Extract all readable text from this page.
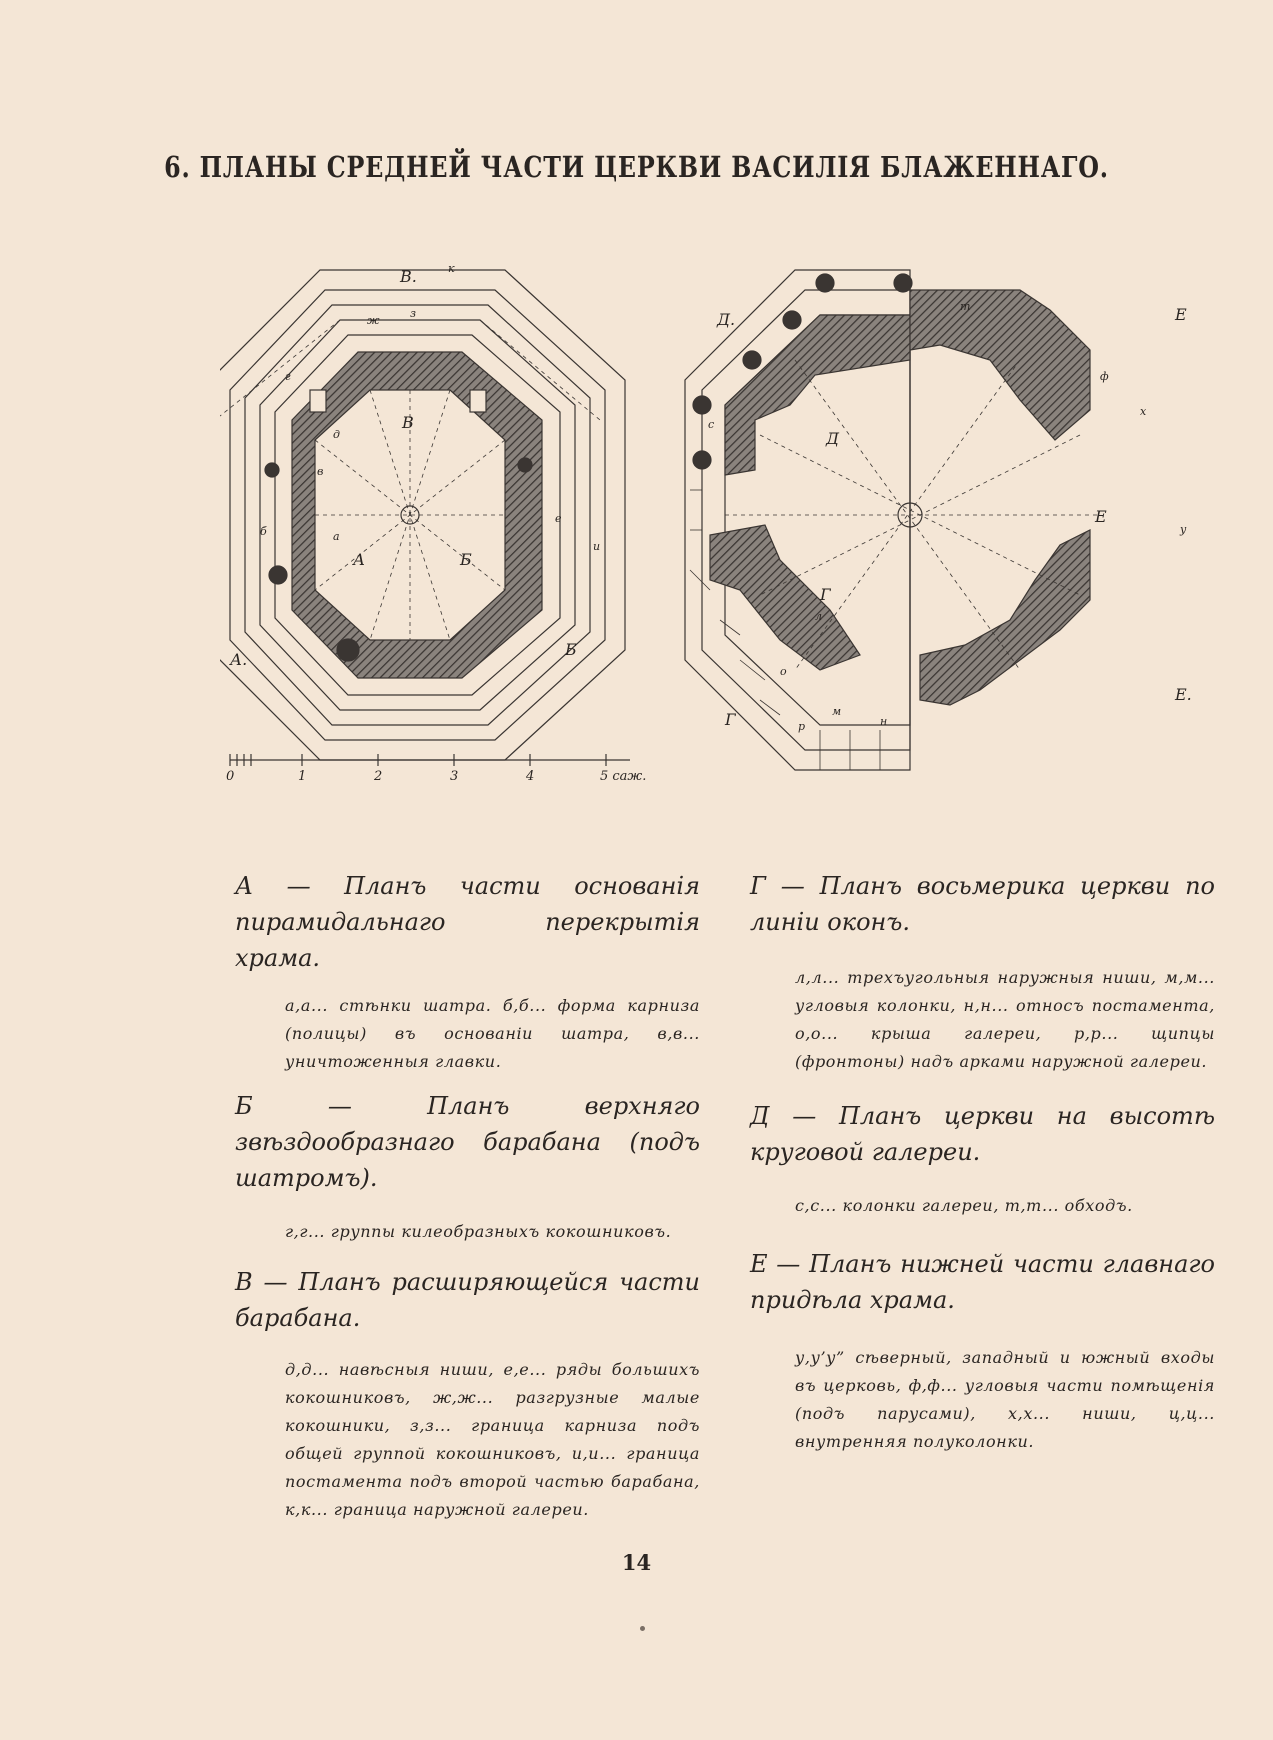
6. ПЛАНЫ СРЕДНЕЙ ЧАСТИ ЦЕРКВИ ВАСИЛІЯ БЛАЖЕННАГО.
А.
Б
В.
В
А	Б
к
а
б
в
е
ж
з
и
д
г
0	1	2	3	4	5 саж.
Д.
Д
Е
Е
Е.
Г
Г
т
с
х
ф
у
л
м
н
о
р

А — Планъ части основанія пирамидальнаго перекрытія храма.

а,а... стѣнки шатра. б,б... форма карниза (полицы) въ основаніи шатра, в,в... уничтоженныя главки.

Б — Планъ верхняго звѣздообразнаго барабана (подъ шатромъ).

г,г... группы килеобразныхъ кокошниковъ.

В — Планъ расширяющейся части барабана.

д,д... навѣсныя ниши, е,е... ряды большихъ кокошниковъ, ж,ж... разгрузные малые кокошники, з,з... граница карниза подъ общей группой кокошниковъ, и,и... граница постамента подъ второй частью барабана, к,к... граница наружной галереи.

Г — Планъ восьмерика церкви по линіи оконъ.

л,л... трехъугольныя наружныя ниши, м,м... угловыя колонки, н,н... относъ постамента, о,о... крыша галереи, р,р... щипцы (фронтоны) надъ арками наружной галереи.

Д — Планъ церкви на высотѣ круговой галереи.

с,с... колонки галереи, т,т... обходъ.

Е — Планъ нижней части главнаго придѣла храма.

у,у’у” сѣверный, западный и южный входы въ церковь, ф,ф... угловыя части помѣщенія (подъ парусами), х,х... ниши, ц,ц... внутренняя полуколонки.

14
